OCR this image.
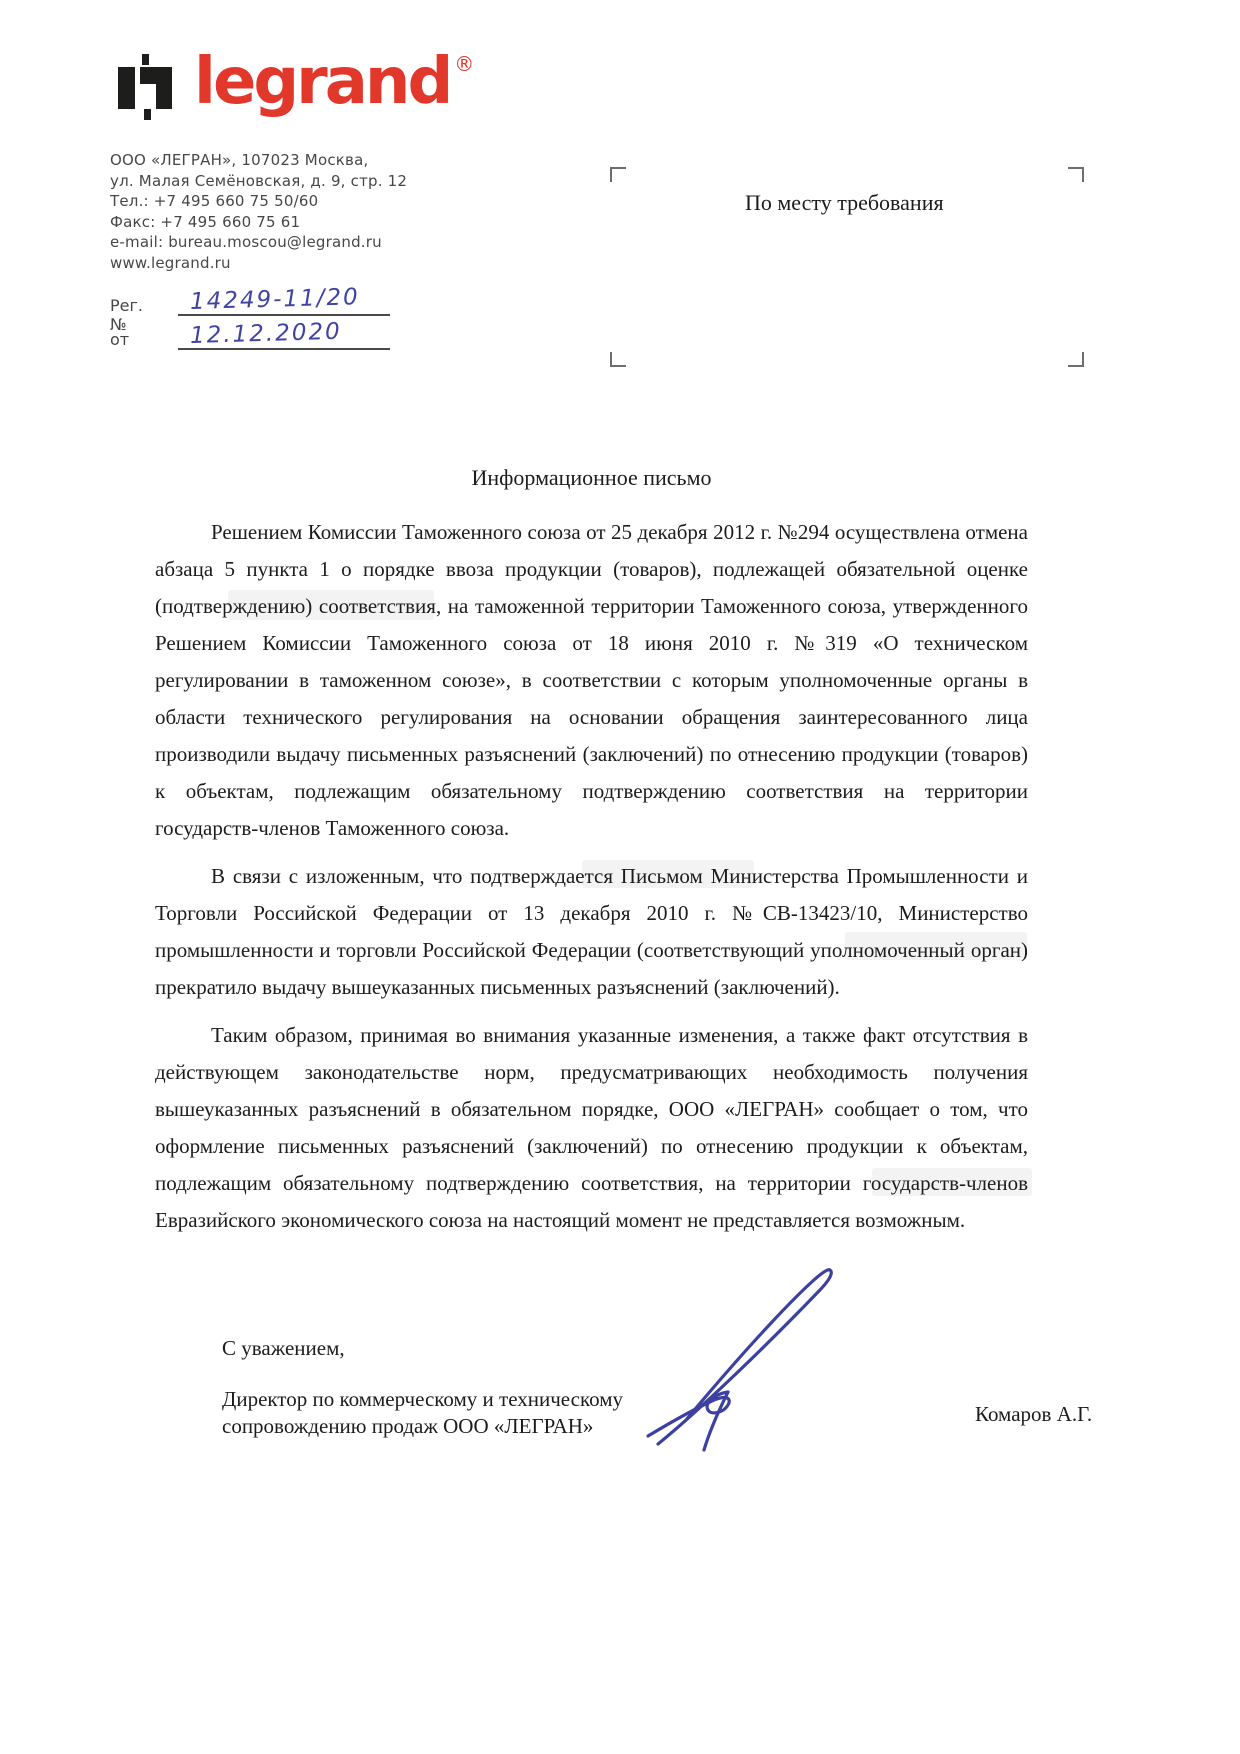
legrand ®
ООО «ЛЕГРАН», 107023 Москва,
ул. Малая Семёновская, д. 9, стр. 12
Тел.: +7 495 660 75 50/60
Факс: +7 495 660 75 61
e-mail: bureau.moscou@legrand.ru
www.legrand.ru
Рег. №
14249-11/20
от	12.12.2020
По месту требования
Информационное письмо

Решением Комиссии Таможенного союза от 25 декабря 2012 г. №294 осуществлена отмена абзаца 5 пункта 1 о порядке ввоза продукции (товаров), подлежащей обязательной оценке (подтверждению) соответствия, на таможенной территории Таможенного союза, утвержденного Решением Комиссии Таможенного союза от 18 июня 2010 г. №319 «О техническом регулировании в таможенном союзе», в соответствии с которым уполномоченные органы в области технического регулирования на основании обращения заинтересованного лица производили выдачу письменных разъяснений (заключений) по отнесению продукции (товаров) к объектам, подлежащим обязательному подтверждению соответствия на территории государств-членов Таможенного союза.

В связи с изложенным, что подтверждается Письмом Министерства Промышленности и Торговли Российской Федерации от 13 декабря 2010 г. №СВ-13423/10, Министерство промышленности и торговли Российской Федерации (соответствующий уполномоченный орган) прекратило выдачу вышеуказанных письменных разъяснений (заключений).

Таким образом, принимая во внимания указанные изменения, а также факт отсутствия в действующем законодательстве норм, предусматривающих необходимость получения вышеуказанных разъяснений в обязательном порядке, ООО «ЛЕГРАН» сообщает о том, что оформление письменных разъяснений (заключений) по отнесению продукции к объектам, подлежащим обязательному подтверждению соответствия, на территории государств-членов Евразийского экономического союза на настоящий момент не представляется возможным.

С уважением,
Директор по коммерческому и техническому
сопровождению продаж ООО «ЛЕГРАН»	Комаров А.Г.
